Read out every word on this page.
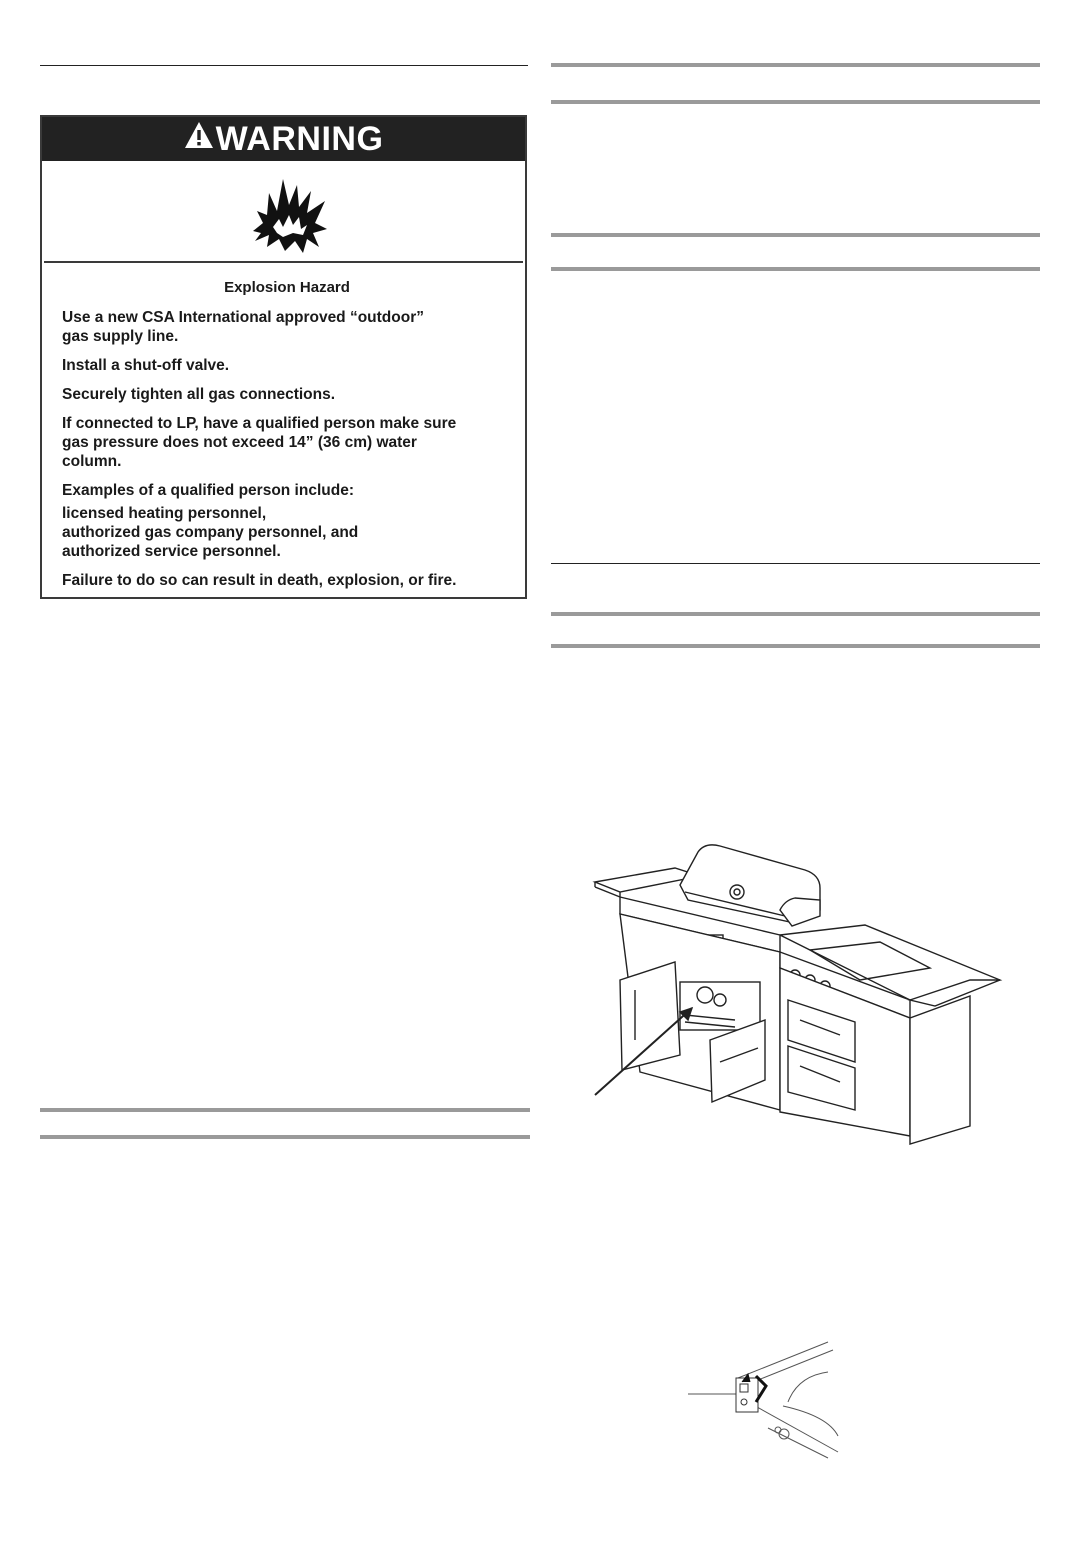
WARNING

Explosion Hazard

Use a new CSA International approved “outdoor”
gas supply line.

Install a shut-off valve.

Securely tighten all gas connections.

If connected to LP, have a qualified person make sure
gas pressure does not exceed 14” (36 cm) water
column.

Examples of a qualified person include:

licensed heating personnel,
authorized gas company personnel, and
authorized service personnel.

Failure to do so can result in death, explosion, or fire.
